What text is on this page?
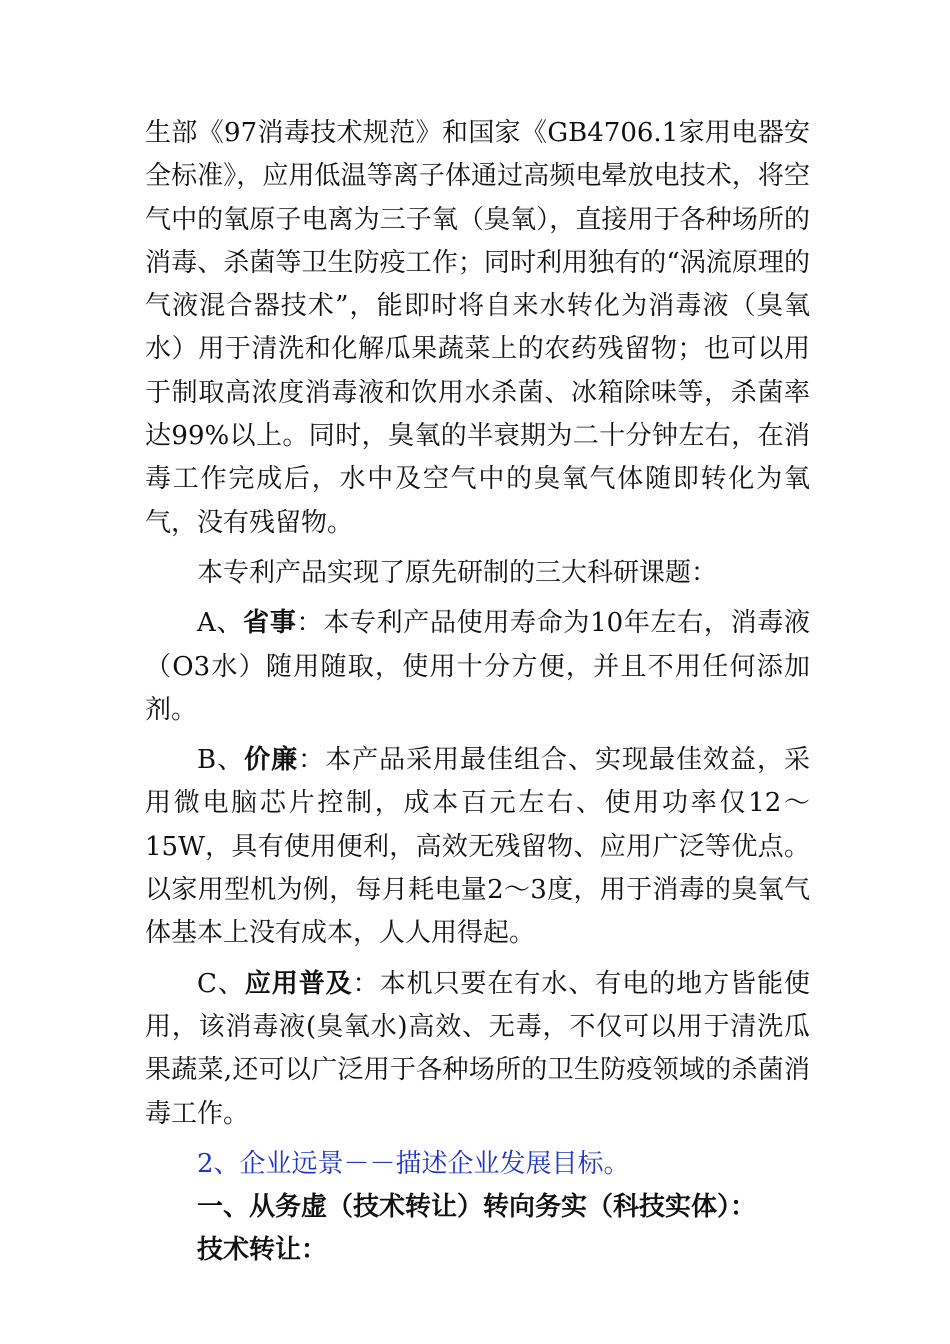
生部《97消毒技术规范》和国家《GB4706.1家用电器安全标准》，应用低温等离子体通过高频电晕放电技术，将空气中的氧原子电离为三子氧（臭氧），直接用于各种场所的消毒、杀菌等卫生防疫工作；同时利用独有的“涡流原理的气液混合器技术”，能即时将自来水转化为消毒液（臭氧水）用于清洗和化解瓜果蔬菜上的农药残留物；也可以用于制取高浓度消毒液和饮用水杀菌、冰箱除味等，杀菌率达99%以上。同时，臭氧的半衰期为二十分钟左右，在消毒工作完成后，水中及空气中的臭氧气体随即转化为氧气，没有残留物。

本专利产品实现了原先研制的三大科研课题：

A、省事：本专利产品使用寿命为10年左右，消毒液（O3水）随用随取，使用十分方便，并且不用任何添加剂。

B、价廉：本产品采用最佳组合、实现最佳效益，采用微电脑芯片控制，成本百元左右、使用功率仅12～15W，具有使用便利，高效无残留物、应用广泛等优点。以家用型机为例，每月耗电量2～3度，用于消毒的臭氧气体基本上没有成本，人人用得起。

C、应用普及：本机只要在有水、有电的地方皆能使用，该消毒液(臭氧水)高效、无毒，不仅可以用于清洗瓜果蔬菜,还可以广泛用于各种场所的卫生防疫领域的杀菌消毒工作。

2、企业远景－－描述企业发展目标。

一、从务虚（技术转让）转向务实（科技实体）：

技术转让：
